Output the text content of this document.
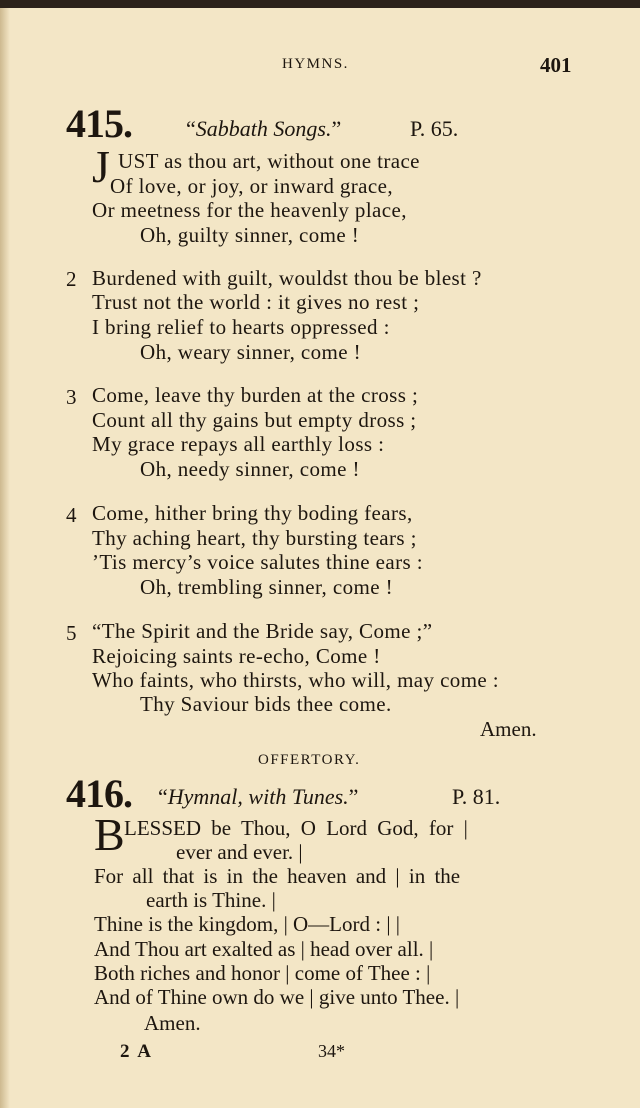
HYMNS.	401
415. “Sabbath Songs.”	P. 65.
J UST as thou art, without one trace
Of love, or joy, or inward grace,
Or meetness for the heavenly place,
Oh, guilty sinner, come !
2 Burdened with guilt, wouldst thou be blest ?
Trust not the world : it gives no rest ;
I bring relief to hearts oppressed :
Oh, weary sinner, come !
3 Come, leave thy burden at the cross ;
Count all thy gains but empty dross ;
My grace repays all earthly loss :
Oh, needy sinner, come !
4 Come, hither bring thy boding fears,
Thy aching heart, thy bursting tears ;
’Tis mercy’s voice salutes thine ears :
Oh, trembling sinner, come !
5 “The Spirit and the Bride say, Come ;”
Rejoicing saints re-echo, Come !
Who faints, who thirsts, who will, may come :
Thy Saviour bids thee come.
Amen.
OFFERTORY.
416. “Hymnal, with Tunes.”	P. 81.
B LESSED be Thou, O Lord God, for |
ever and ever. |
For all that is in the heaven and | in the
earth is Thine. |
Thine is the kingdom, | O—Lord : | |
And Thou art exalted as | head over all. |
Both riches and honor | come of Thee : |
And of Thine own do we | give unto Thee. |
Amen.
2 A	34*
